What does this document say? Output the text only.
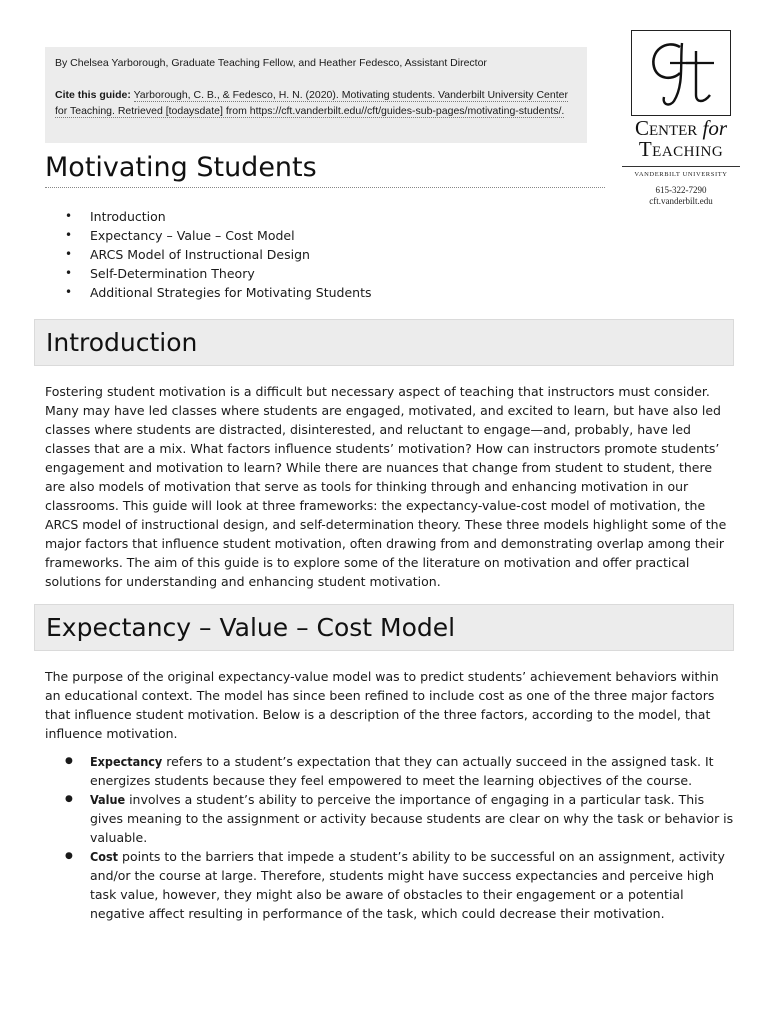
By Chelsea Yarborough, Graduate Teaching Fellow, and Heather Fedesco, Assistant Director

Cite this guide: Yarborough, C. B., & Fedesco, H. N. (2020). Motivating students. Vanderbilt University Center for Teaching. Retrieved [todaysdate] from https://cft.vanderbilt.edu//cft/guides-sub-pages/motivating-students/.

Center for
Teaching
VANDERBILT UNIVERSITY
615-322-7290
cft.vanderbilt.edu
Motivating Students
• Introduction
• Expectancy – Value – Cost Model
• ARCS Model of Instructional Design
• Self-Determination Theory
• Additional Strategies for Motivating Students
Introduction

Fostering student motivation is a difficult but necessary aspect of teaching that instructors must consider. Many may have led classes where students are engaged, motivated, and excited to learn, but have also led classes where students are distracted, disinterested, and reluctant to engage—and, probably, have led classes that are a mix. What factors influence students’ motivation? How can instructors promote students’ engagement and motivation to learn? While there are nuances that change from student to student, there are also models of motivation that serve as tools for thinking through and enhancing motivation in our classrooms. This guide will look at three frameworks: the expectancy-value-cost model of motivation, the ARCS model of instructional design, and self-determination theory. These three models highlight some of the major factors that influence student motivation, often drawing from and demonstrating overlap among their frameworks. The aim of this guide is to explore some of the literature on motivation and offer practical solutions for understanding and enhancing student motivation.

Expectancy – Value – Cost Model

The purpose of the original expectancy-value model was to predict students’ achievement behaviors within an educational context. The model has since been refined to include cost as one of the three major factors that influence student motivation. Below is a description of the three factors, according to the model, that influence motivation.

● Expectancy refers to a student’s expectation that they can actually succeed in the assigned task. It energizes students because they feel empowered to meet the learning objectives of the course.
● Value involves a student’s ability to perceive the importance of engaging in a particular task. This gives meaning to the assignment or activity because students are clear on why the task or behavior is valuable.
● Cost points to the barriers that impede a student’s ability to be successful on an assignment, activity and/or the course at large. Therefore, students might have success expectancies and perceive high task value, however, they might also be aware of obstacles to their engagement or a potential negative affect resulting in performance of the task, which could decrease their motivation.
